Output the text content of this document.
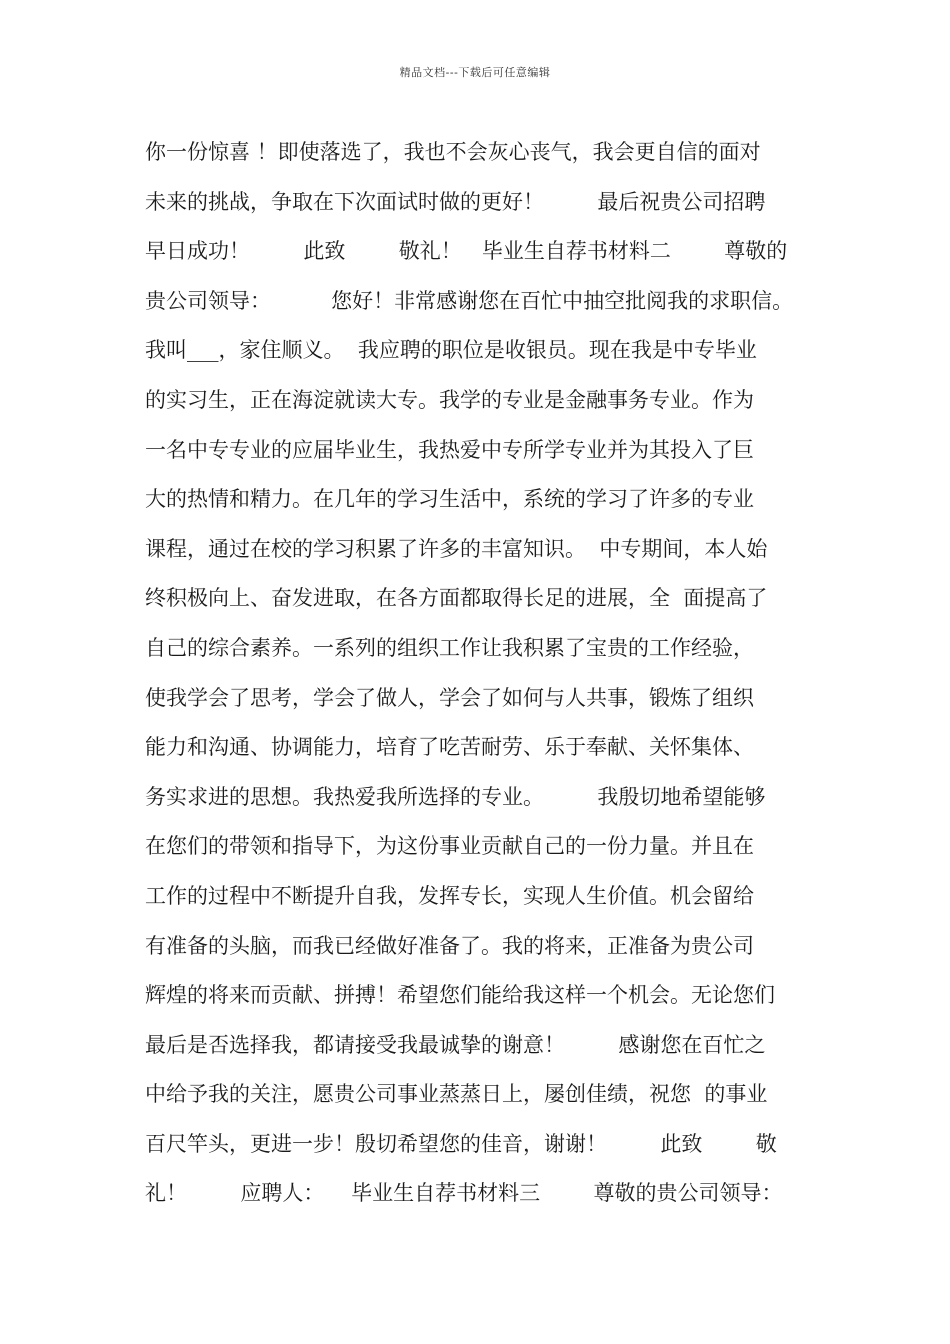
精品文档---下载后可任意编辑
你一份惊喜 ！即使落选了，我也不会灰心丧气，我会更自信的面对
未来的挑战，争取在下次面试时做的更好！        最后祝贵公司招聘
早日成功！        此致        敬礼！   毕业生自荐书材料二        尊敬的
贵公司领导：         您好！非常感谢您在百忙中抽空批阅我的求职信。
我叫___，家住顺义。  我应聘的职位是收银员。现在我是中专毕业
的实习生，正在海淀就读大专。我学的专业是金融事务专业。作为
一名中专专业的应届毕业生，我热爱中专所学专业并为其投入了巨
大的热情和精力。在几年的学习生活中，系统的学习了许多的专业
课程，通过在校的学习积累了许多的丰富知识。  中专期间，本人始
终积极向上、奋发进取，在各方面都取得长足的进展，全  面提高了
自己的综合素养。一系列的组织工作让我积累了宝贵的工作经验，
使我学会了思考，学会了做人，学会了如何与人共事，锻炼了组织
能力和沟通、协调能力，培育了吃苦耐劳、乐于奉献、关怀集体、
务实求进的思想。我热爱我所选择的专业。        我殷切地希望能够
在您们的带领和指导下，为这份事业贡献自己的一份力量。并且在
工作的过程中不断提升自我，发挥专长，实现人生价值。机会留给
有准备的头脑，而我已经做好准备了。我的将来，正准备为贵公司
辉煌的将来而贡献、拼搏！希望您们能给我这样一个机会。无论您们
最后是否选择我，都请接受我最诚挚的谢意！        感谢您在百忙之
中给予我的关注，愿贵公司事业蒸蒸日上，屡创佳绩，祝您  的事业
百尺竿头，更进一步！殷切希望您的佳音，谢谢！        此致        敬
礼！        应聘人：    毕业生自荐书材料三        尊敬的贵公司领导：
